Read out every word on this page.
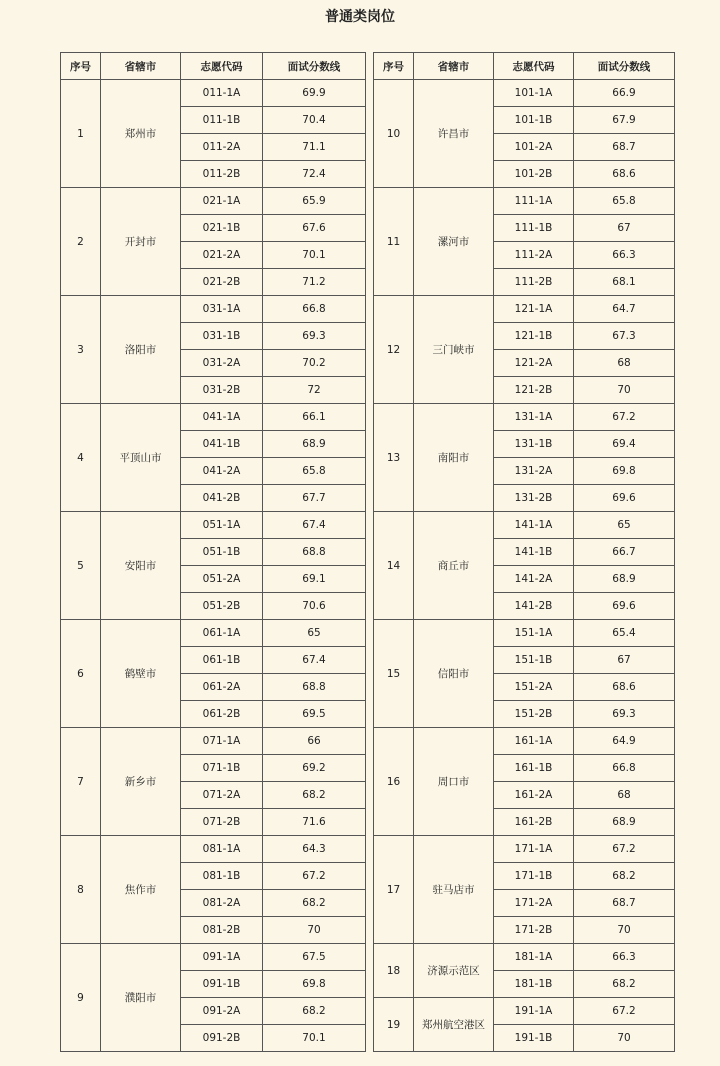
普通类岗位
序号	省辖市	志愿代码	面试分数线
1	郑州市	011-1A	69.9
		011-1B	70.4
		011-2A	71.1
		011-2B	72.4
2	开封市	021-1A	65.9
		021-1B	67.6
		021-2A	70.1
		021-2B	71.2
3	洛阳市	031-1A	66.8
		031-1B	69.3
		031-2A	70.2
		031-2B	72
4	平顶山市	041-1A	66.1
		041-1B	68.9
		041-2A	65.8
		041-2B	67.7
5	安阳市	051-1A	67.4
		051-1B	68.8
		051-2A	69.1
		051-2B	70.6
6	鹤壁市	061-1A	65
		061-1B	67.4
		061-2A	68.8
		061-2B	69.5
7	新乡市	071-1A	66
		071-1B	69.2
		071-2A	68.2
		071-2B	71.6
8	焦作市	081-1A	64.3
		081-1B	67.2
		081-2A	68.2
		081-2B	70
9	濮阳市	091-1A	67.5
		091-1B	69.8
		091-2A	68.2
		091-2B	70.1
序号	省辖市	志愿代码	面试分数线
10	许昌市	101-1A	66.9
		101-1B	67.9
		101-2A	68.7
		101-2B	68.6
11	漯河市	111-1A	65.8
		111-1B	67
		111-2A	66.3
		111-2B	68.1
12	三门峡市	121-1A	64.7
		121-1B	67.3
		121-2A	68
		121-2B	70
13	南阳市	131-1A	67.2
		131-1B	69.4
		131-2A	69.8
		131-2B	69.6
14	商丘市	141-1A	65
		141-1B	66.7
		141-2A	68.9
		141-2B	69.6
15	信阳市	151-1A	65.4
		151-1B	67
		151-2A	68.6
		151-2B	69.3
16	周口市	161-1A	64.9
		161-1B	66.8
		161-2A	68
		161-2B	68.9
17	驻马店市	171-1A	67.2
		171-1B	68.2
		171-2A	68.7
		171-2B	70
18	济源示范区	181-1A	66.3
		181-1B	68.2
19	郑州航空港区	191-1A	67.2
		191-1B	70
